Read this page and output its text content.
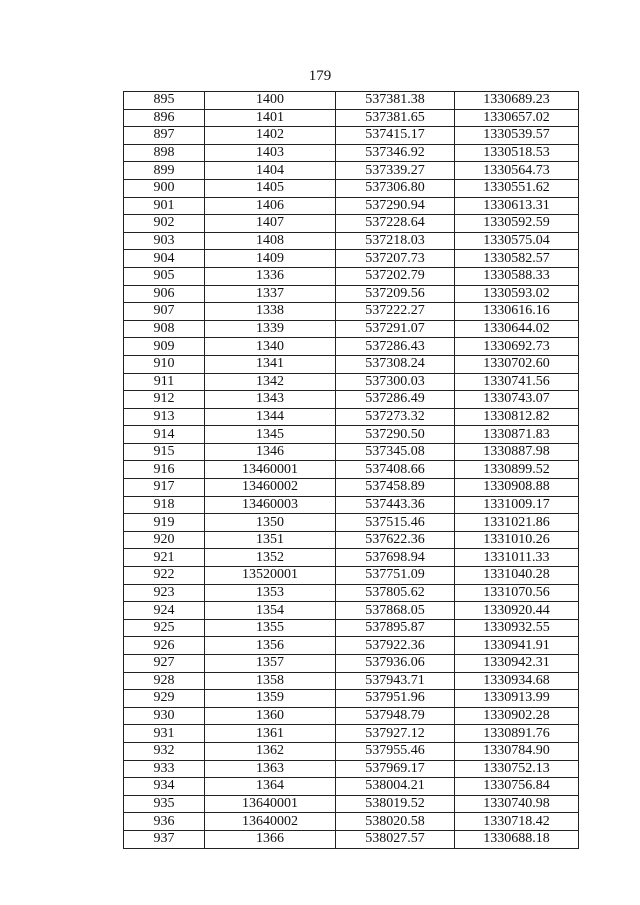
179
895	1400	537381.38	1330689.23
896	1401	537381.65	1330657.02
897	1402	537415.17	1330539.57
898	1403	537346.92	1330518.53
899	1404	537339.27	1330564.73
900	1405	537306.80	1330551.62
901	1406	537290.94	1330613.31
902	1407	537228.64	1330592.59
903	1408	537218.03	1330575.04
904	1409	537207.73	1330582.57
905	1336	537202.79	1330588.33
906	1337	537209.56	1330593.02
907	1338	537222.27	1330616.16
908	1339	537291.07	1330644.02
909	1340	537286.43	1330692.73
910	1341	537308.24	1330702.60
911	1342	537300.03	1330741.56
912	1343	537286.49	1330743.07
913	1344	537273.32	1330812.82
914	1345	537290.50	1330871.83
915	1346	537345.08	1330887.98
916	13460001	537408.66	1330899.52
917	13460002	537458.89	1330908.88
918	13460003	537443.36	1331009.17
919	1350	537515.46	1331021.86
920	1351	537622.36	1331010.26
921	1352	537698.94	1331011.33
922	13520001	537751.09	1331040.28
923	1353	537805.62	1331070.56
924	1354	537868.05	1330920.44
925	1355	537895.87	1330932.55
926	1356	537922.36	1330941.91
927	1357	537936.06	1330942.31
928	1358	537943.71	1330934.68
929	1359	537951.96	1330913.99
930	1360	537948.79	1330902.28
931	1361	537927.12	1330891.76
932	1362	537955.46	1330784.90
933	1363	537969.17	1330752.13
934	1364	538004.21	1330756.84
935	13640001	538019.52	1330740.98
936	13640002	538020.58	1330718.42
937	1366	538027.57	1330688.18
